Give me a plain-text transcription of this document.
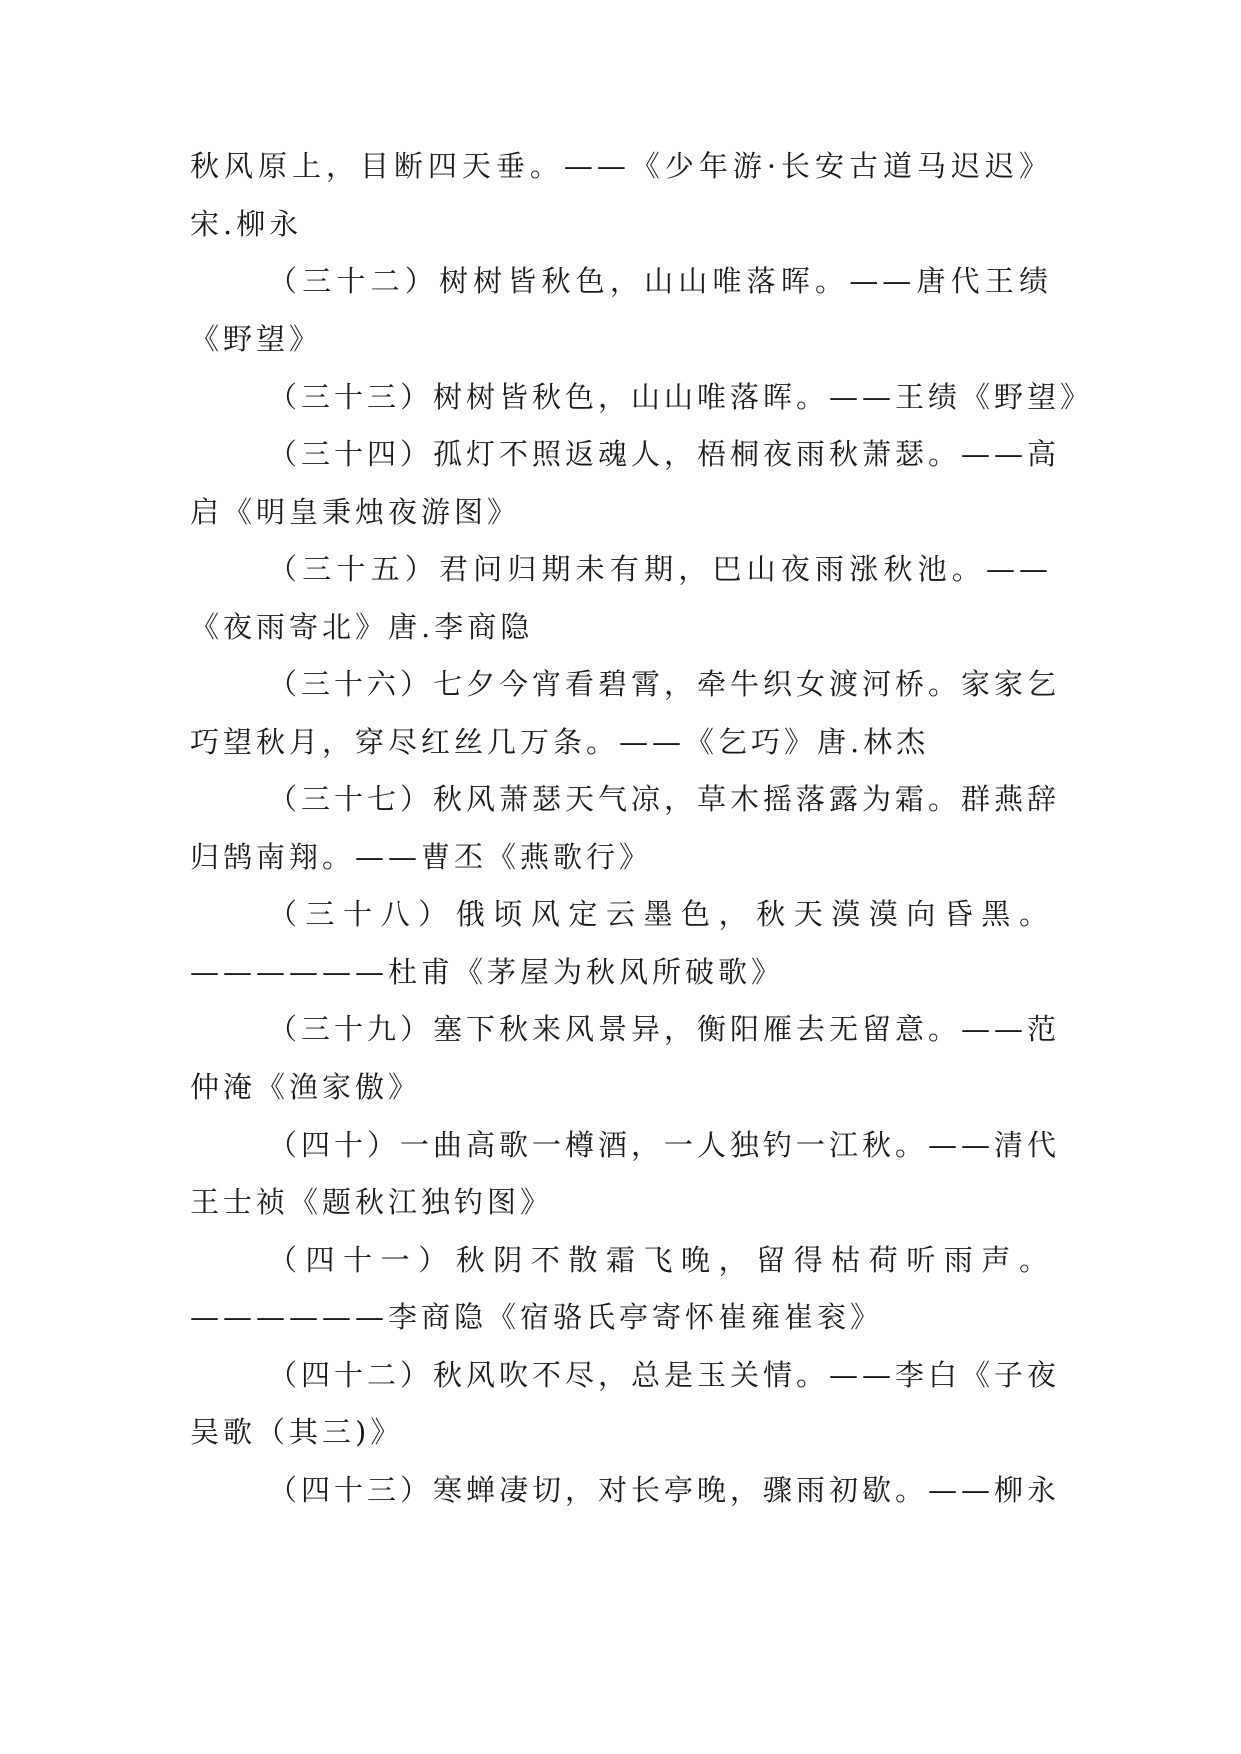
秋风原上，目断四天垂。——《少年游·长安古道马迟迟》
宋.柳永
（三十二）树树皆秋色，山山唯落晖。——唐代王绩
《野望》
（三十三）树树皆秋色，山山唯落晖。——王绩《野望》
（三十四）孤灯不照返魂人，梧桐夜雨秋萧瑟。——高
启《明皇秉烛夜游图》
（三十五）君问归期未有期，巴山夜雨涨秋池。——
《夜雨寄北》唐.李商隐
（三十六）七夕今宵看碧霄，牵牛织女渡河桥。家家乞
巧望秋月，穿尽红丝几万条。——《乞巧》唐.林杰
（三十七）秋风萧瑟天气凉，草木摇落露为霜。群燕辞
归鹄南翔。——曹丕《燕歌行》
（三十八）俄顷风定云墨色，秋天漠漠向昏黑。
——————杜甫《茅屋为秋风所破歌》
（三十九）塞下秋来风景异，衡阳雁去无留意。——范
仲淹《渔家傲》
（四十）一曲高歌一樽酒，一人独钓一江秋。——清代
王士祯《题秋江独钓图》
（四十一）秋阴不散霜飞晚，留得枯荷听雨声。
——————李商隐《宿骆氏亭寄怀崔雍崔衮》
（四十二）秋风吹不尽，总是玉关情。——李白《子夜
吴歌（其三)》
（四十三）寒蝉凄切，对长亭晚，骤雨初歇。——柳永
